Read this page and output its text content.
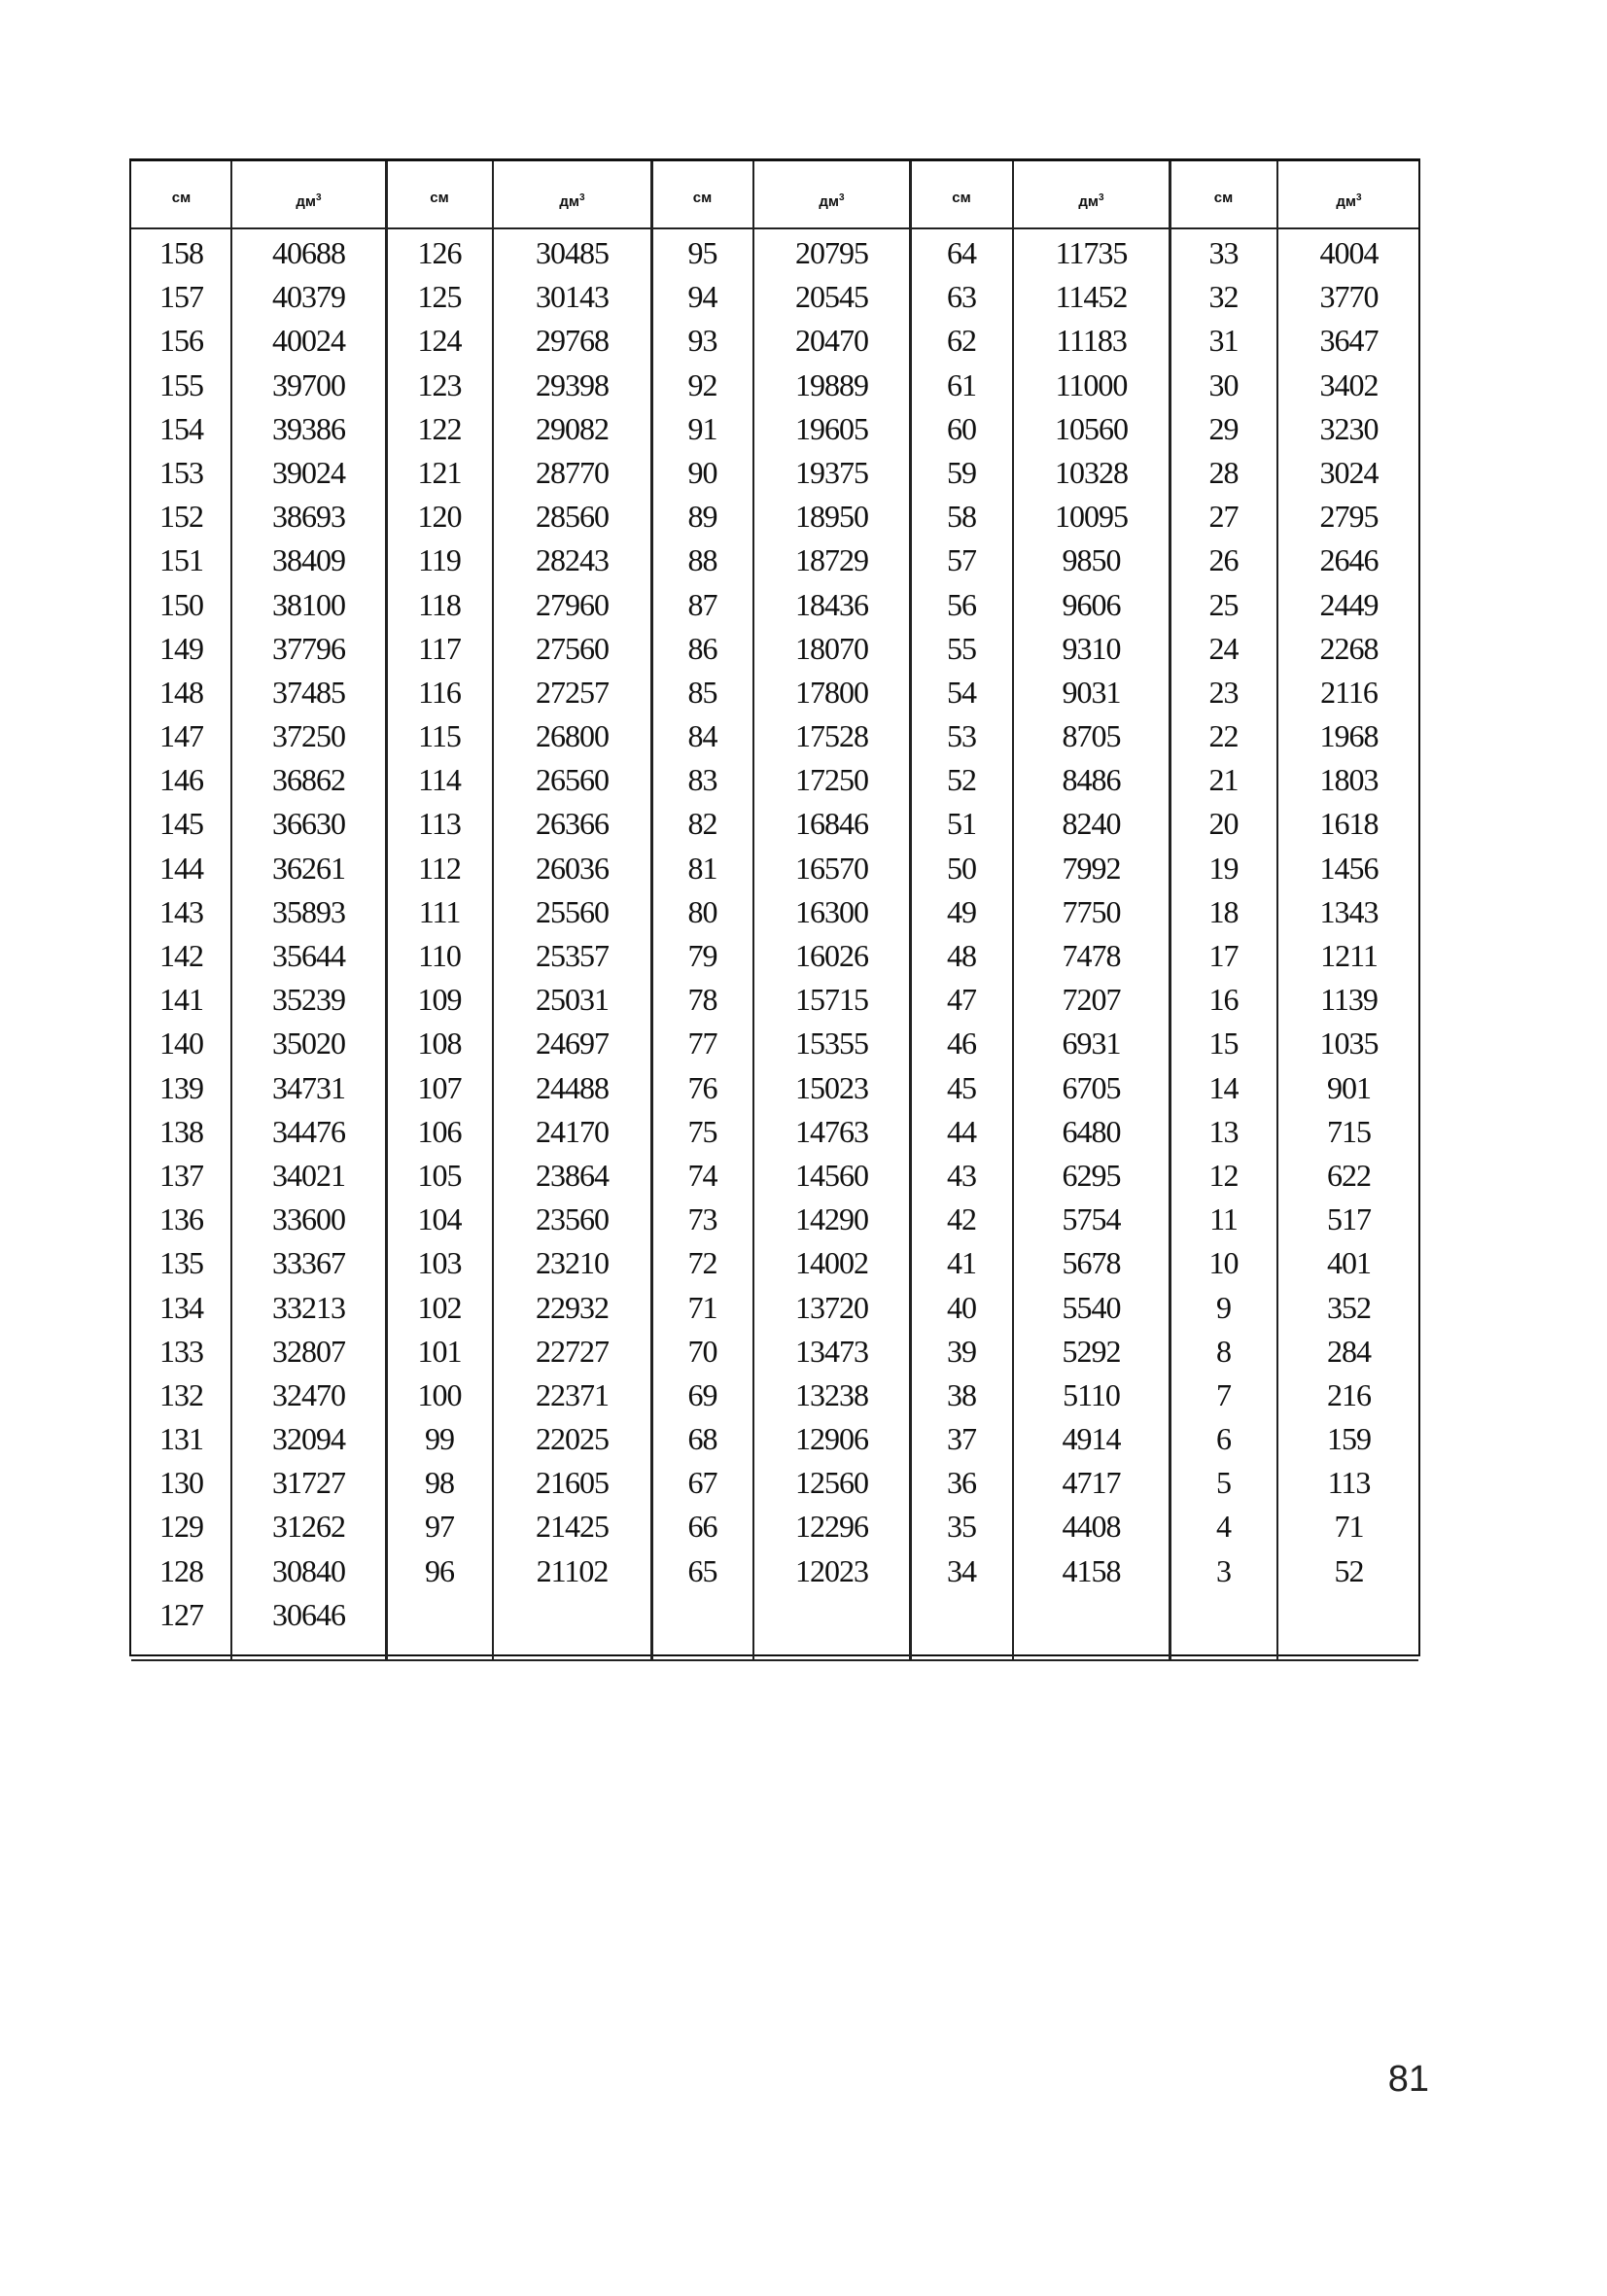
см
158
157
156
155
154
153
152
151
150
149
148
147
146
145
144
143
142
141
140
139
138
137
136
135
134
133
132
131
130
129
128
127
$дм^3$
40688
40379
40024
39700
39386
39024
38693
38409
38100
37796
37485
37250
36862
36630
36261
35893
35644
35239
35020
34731
34476
34021
33600
33367
33213
32807
32470
32094
31727
31262
30840
30646
см
126
125
124
123
122
121
120
119
118
117
116
115
114
113
112
111
110
109
108
107
106
105
104
103
102
101
100
99
98
97
96
$дм^3$
30485
30143
29768
29398
29082
28770
28560
28243
27960
27560
27257
26800
26560
26366
26036
25560
25357
25031
24697
24488
24170
23864
23560
23210
22932
22727
22371
22025
21605
21425
21102
см
95
94
93
92
91
90
89
88
87
86
85
84
83
82
81
80
79
78
77
76
75
74
73
72
71
70
69
68
67
66
65
$дм^3$
20795
20545
20470
19889
19605
19375
18950
18729
18436
18070
17800
17528
17250
16846
16570
16300
16026
15715
15355
15023
14763
14560
14290
14002
13720
13473
13238
12906
12560
12296
12023
см
64
63
62
61
60
59
58
57
56
55
54
53
52
51
50
49
48
47
46
45
44
43
42
41
40
39
38
37
36
35
34
$дм^3$
11735
11452
11183
11000
10560
10328
10095
9850
9606
9310
9031
8705
8486
8240
7992
7750
7478
7207
6931
6705
6480
6295
5754
5678
5540
5292
5110
4914
4717
4408
4158
см
33
32
31
30
29
28
27
26
25
24
23
22
21
20
19
18
17
16
15
14
13
12
11
10
9
8
7
6
5
4
3
$дм^3$
4004
3770
3647
3402
3230
3024
2795
2646
2449
2268
2116
1968
1803
1618
1456
1343
1211
1139
1035
901
715
622
517
401
352
284
216
159
113
71
52
81
